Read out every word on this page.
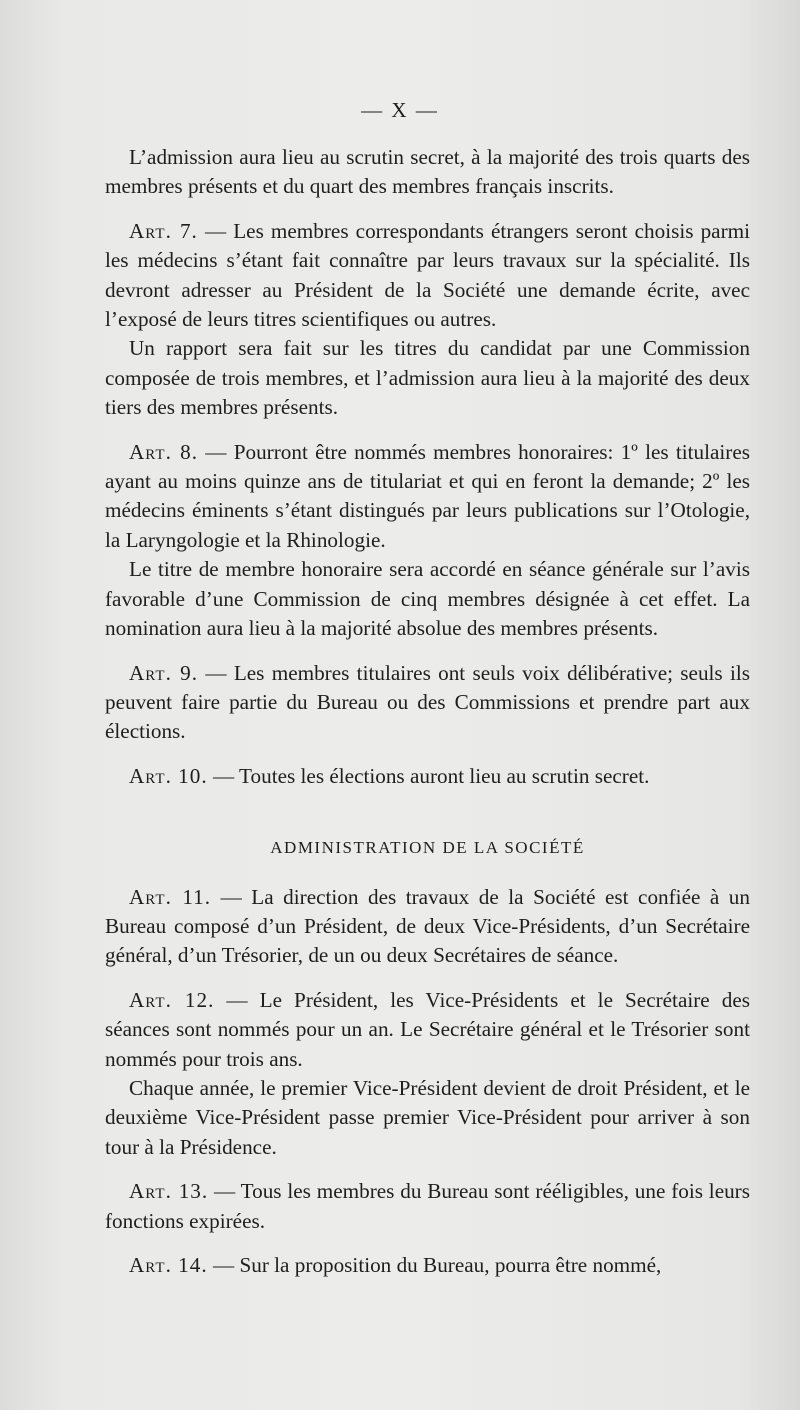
— X —

L’admission aura lieu au scrutin secret, à la majorité des trois quarts des membres présents et du quart des membres français inscrits.

Art. 7. — Les membres correspondants étrangers seront choisis parmi les médecins s’étant fait connaître par leurs travaux sur la spécialité. Ils devront adresser au Président de la Société une demande écrite, avec l’exposé de leurs titres scientifiques ou autres.

Un rapport sera fait sur les titres du candidat par une Commission composée de trois membres, et l’admission aura lieu à la majorité des deux tiers des membres présents.

Art. 8. — Pourront être nommés membres honoraires: 1º les titulaires ayant au moins quinze ans de titulariat et qui en feront la demande; 2º les médecins éminents s’étant distingués par leurs publications sur l’Otologie, la Laryngologie et la Rhinologie.

Le titre de membre honoraire sera accordé en séance générale sur l’avis favorable d’une Commission de cinq membres désignée à cet effet. La nomination aura lieu à la majorité absolue des membres présents.

Art. 9. — Les membres titulaires ont seuls voix délibérative; seuls ils peuvent faire partie du Bureau ou des Commissions et prendre part aux élections.

Art. 10. — Toutes les élections auront lieu au scrutin secret.

ADMINISTRATION DE LA SOCIÉTÉ

Art. 11. — La direction des travaux de la Société est confiée à un Bureau composé d’un Président, de deux Vice-Présidents, d’un Secrétaire général, d’un Trésorier, de un ou deux Secrétaires de séance.

Art. 12. — Le Président, les Vice-Présidents et le Secrétaire des séances sont nommés pour un an. Le Secrétaire général et le Trésorier sont nommés pour trois ans.

Chaque année, le premier Vice-Président devient de droit Président, et le deuxième Vice-Président passe premier Vice-Président pour arriver à son tour à la Présidence.

Art. 13. — Tous les membres du Bureau sont rééligibles, une fois leurs fonctions expirées.

Art. 14. — Sur la proposition du Bureau, pourra être nommé,
